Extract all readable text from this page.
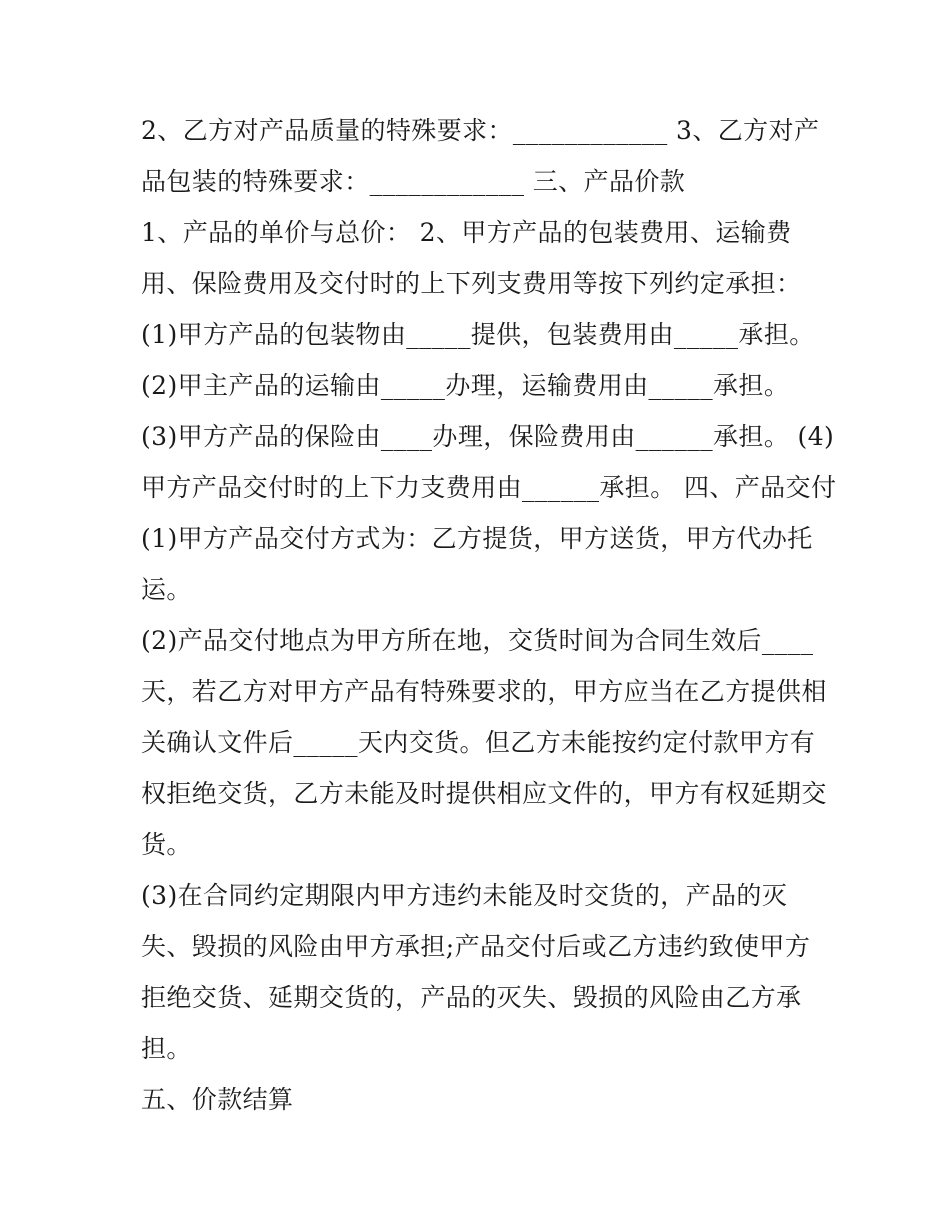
2、乙方对产品质量的特殊要求：____________ 3、乙方对产
品包装的特殊要求：____________ 三、产品价款
1、产品的单价与总价： 2、甲方产品的包装费用、运输费
用、保险费用及交付时的上下列支费用等按下列约定承担：
(1)甲方产品的包装物由_____提供，包装费用由_____承担。
(2)甲主产品的运输由_____办理，运输费用由_____承担。
(3)甲方产品的保险由____办理，保险费用由______承担。 (4)
甲方产品交付时的上下力支费用由______承担。 四、产品交付
(1)甲方产品交付方式为：乙方提货，甲方送货，甲方代办托
运。
(2)产品交付地点为甲方所在地，交货时间为合同生效后____
天，若乙方对甲方产品有特殊要求的，甲方应当在乙方提供相
关确认文件后_____天内交货。但乙方未能按约定付款甲方有
权拒绝交货，乙方未能及时提供相应文件的，甲方有权延期交
货。
(3)在合同约定期限内甲方违约未能及时交货的，产品的灭
失、毁损的风险由甲方承担;产品交付后或乙方违约致使甲方
拒绝交货、延期交货的，产品的灭失、毁损的风险由乙方承
担。
五、价款结算
